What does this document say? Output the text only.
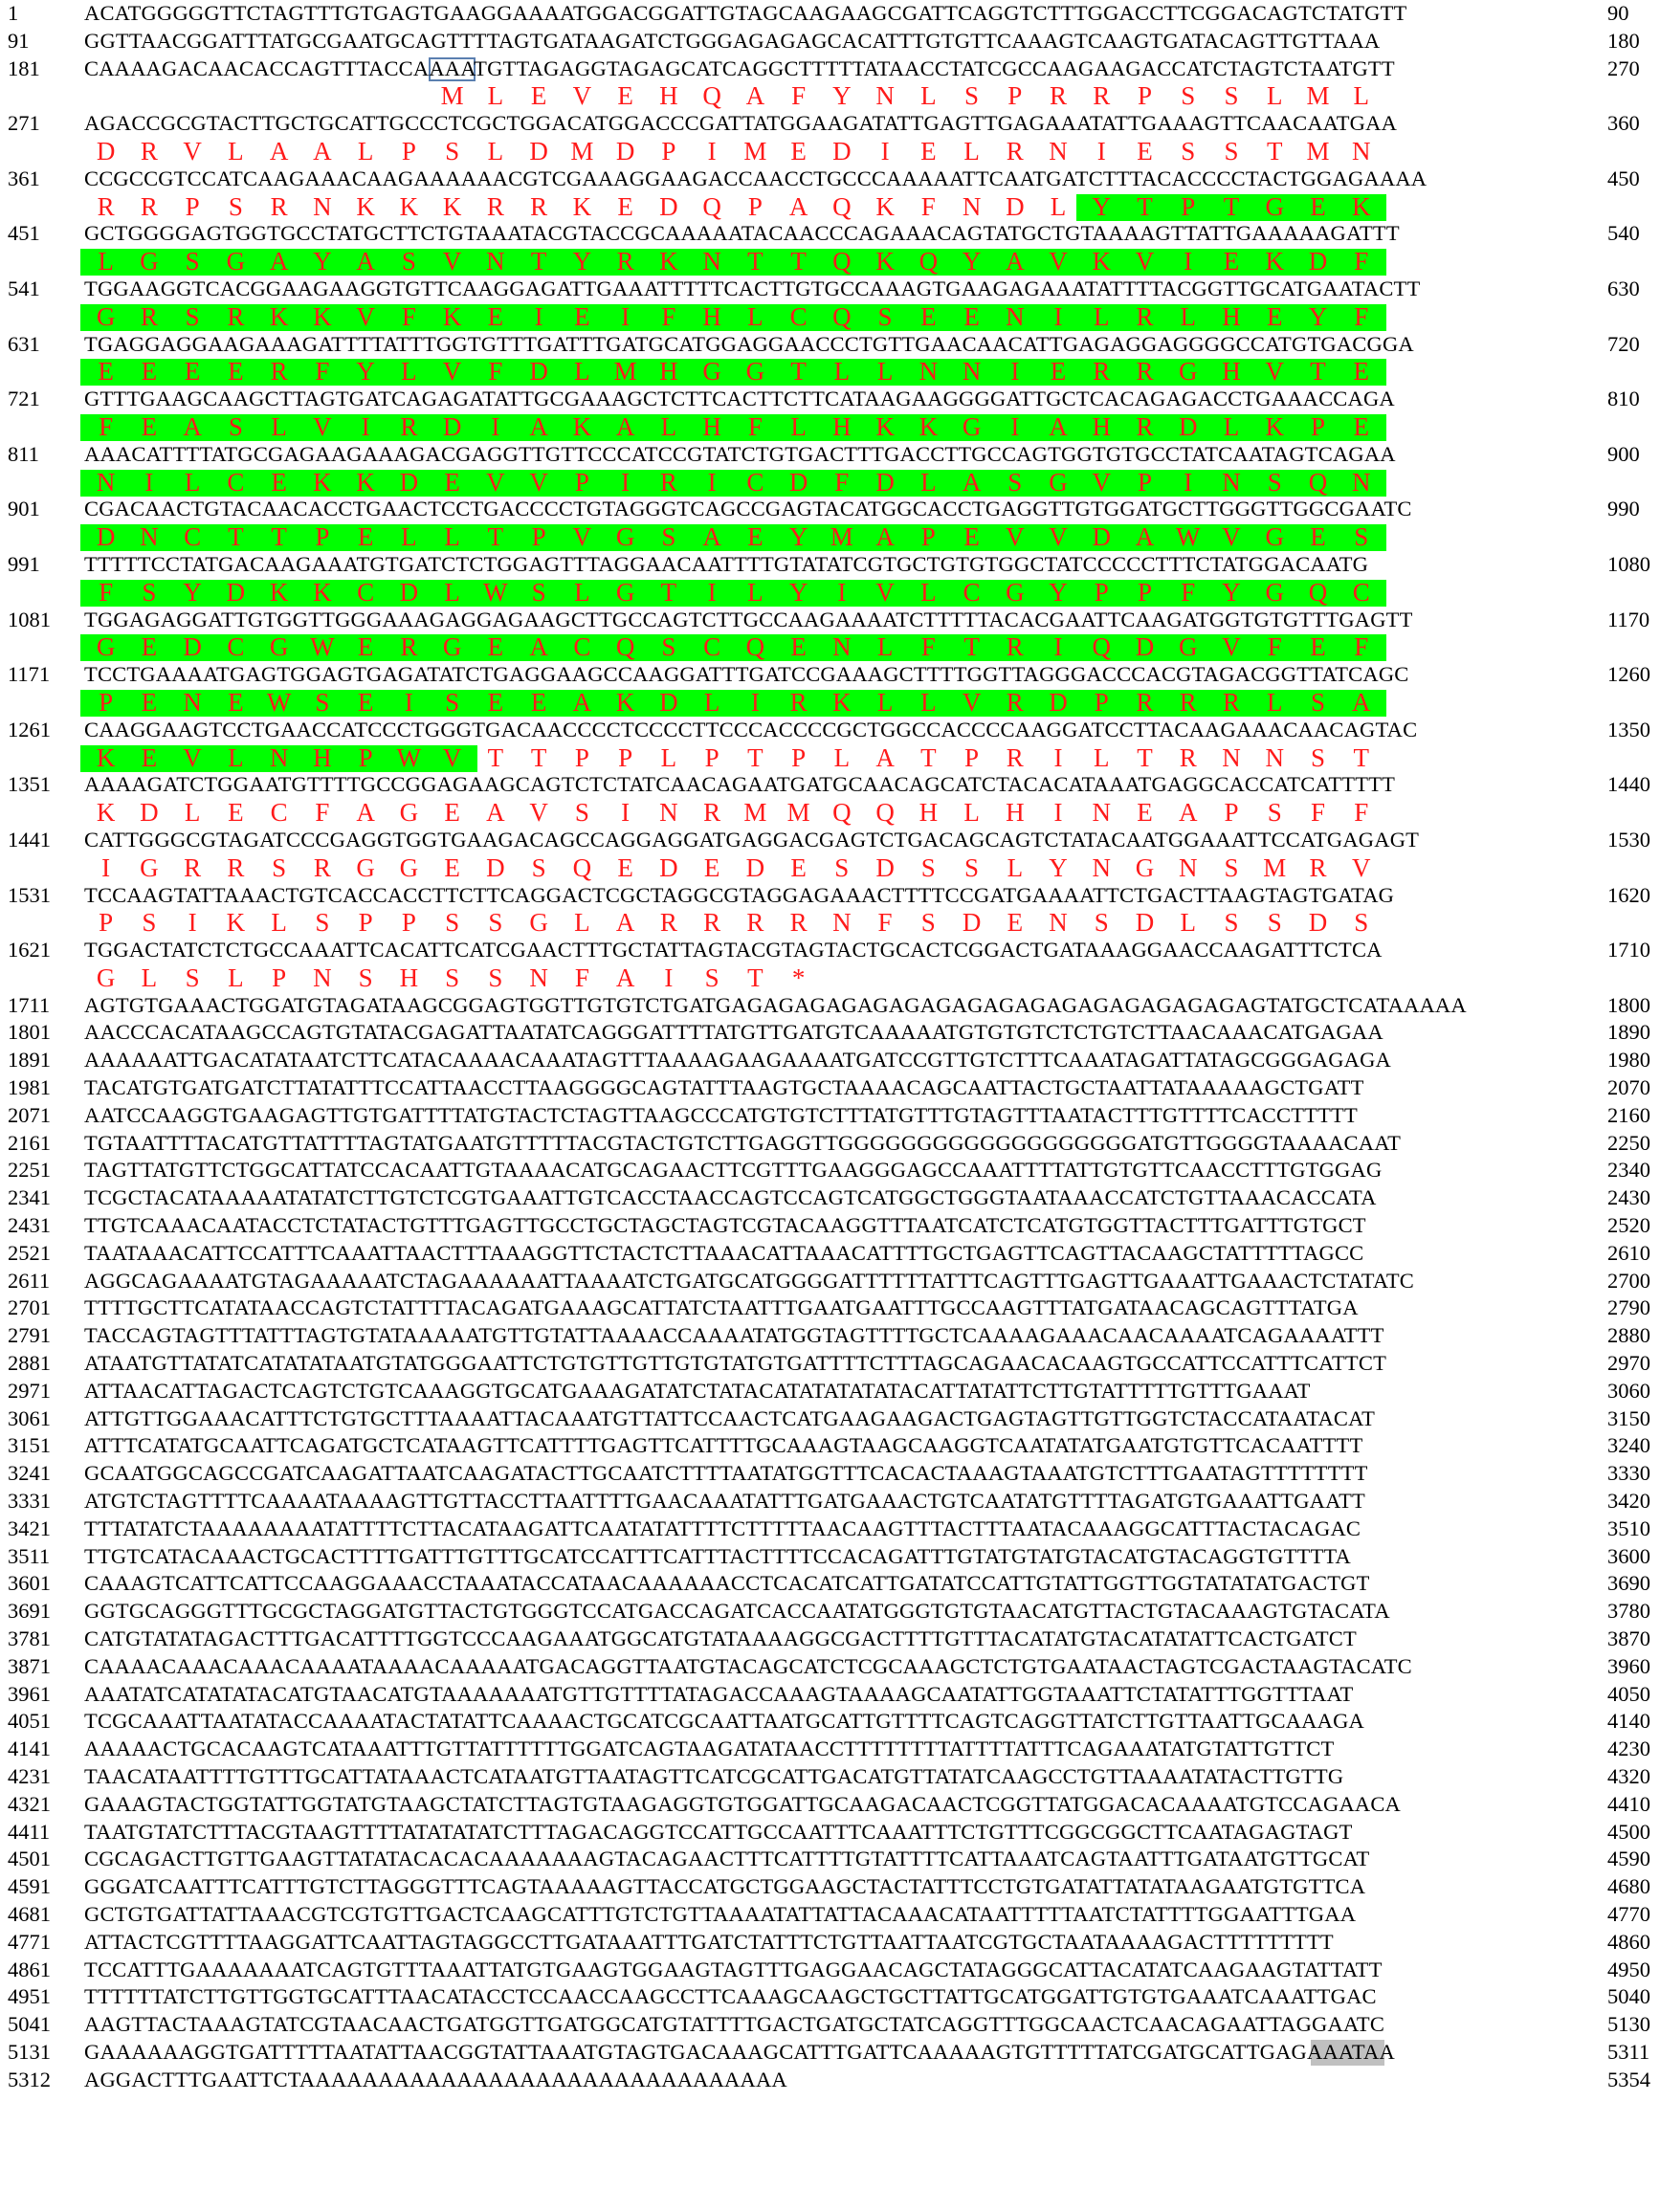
1	ACATGGGGGTTCTAGTTTGTGAGTGAAGGAAAATGGACGGATTGTAGCAAGAAGCGATTCAGGTCTTTGGACCTTCGGACAGTCTATGTT	90
91	GGTTAACGGATTTATGCGAATGCAGTTTTAGTGATAAGATCTGGGAGAGAGCACATTTGTGTTCAAAGTCAAGTGATACAGTTGTTAAA	180
181 CAAAAGACAACACCAGTTTACCAAAATGTTAGAGGTAGAGCATCAGGCTTTTTATAACCTATCGCCAAGAAGACCATCTAGTCTAATGTT	270
M L E V E H Q A F Y N L S P R R P S S L M L
271 AGACCGCGTACTTGCTGCATTGCCCTCGCTGGACATGGACCCGATTATGGAAGATATTGAGTTGAGAAATATTGAAAGTTCAACAATGAA	360
D R V L A A L P S L D M D P I M E D I E L R N I E S S T M N
361 CCGCCGTCCATCAAGAAACAAGAAAAAACGTCGAAAGGAAGACCAACCTGCCCAAAAATTCAATGATCTTTACACCCCTACTGGAGAAAA	450
R R P S R N K K K R R K E D Q P A Q K F N D L Y T P T G E K
451 GCTGGGGAGTGGTGCCTATGCTTCTGTAAATACGTACCGCAAAAATACAACCCAGAAACAGTATGCTGTAAAAGTTATTGAAAAAGATTT	540
L G S G A Y A S V N T Y R K N T T Q K Q Y A V K V I E K D F
541 TGGAAGGTCACGGAAGAAGGTGTTCAAGGAGATTGAAATTTTTCACTTGTGCCAAAGTGAAGAGAAATATTTTACGGTTGCATGAATACTT	630
G R S R K K V F K E I E I F H L C Q S E E N I L R L H E Y F
631 TGAGGAGGAAGAAAGATTTTATTTGGTGTTTGATTTGATGCATGGAGGAACCCTGTTGAACAACATTGAGAGGAGGGGCCATGTGACGGA	720
E E E E R F Y L V F D L M H G G T L L N N I E R R G H V T E
721 GTTTGAAGCAAGCTTAGTGATCAGAGATATTGCGAAAGCTCTTCACTTCTTCATAAGAAGGGGATTGCTCACAGAGACCTGAAACCAGA	810
F E A S L V I R D I A K A L H F L H K K G I A H R D L K P E
811 AAACATTTTATGCGAGAAGAAAGACGAGGTTGTTCCCATCCGTATCTGTGACTTTGACCTTGCCAGTGGTGTGCCTATCAATAGTCAGAA	900
N I L C E K K D E V V P I R I C D F D L A S G V P I N S Q N
901 CGACAACTGTACAACACCTGAACTCCTGACCCCTGTAGGGTCAGCCGAGTACATGGCACCTGAGGTTGTGGATGCTTGGGTTGGCGAATC	990
D N C T T P E L L T P V G S A E Y M A P E V V D A W V G E S
991 TTTTTCCTATGACAAGAAATGTGATCTCTGGAGTTTAGGAACAATTTTGTATATCGTGCTGTGTGGCTATCCCCCTTTCTATGGACAATG	1080
F S Y D K K C D L W S L G T I L Y I V L C G Y P P F Y G Q C
1081 TGGAGAGGATTGTGGTTGGGAAAGAGGAGAAGCTTGCCAGTCTTGCCAAGAAAATCTTTTTACACGAATTCAAGATGGTGTGTTTGAGTT	1170
G E D C G W E R G E A C Q S C Q E N L F T R I Q D G V F E F
1171 TCCTGAAAATGAGTGGAGTGAGATATCTGAGGAAGCCAAGGATTTGATCCGAAAGCTTTTGGTTAGGGACCCACGTAGACGGTTATCAGC	1260
P E N E W S E I S E E A K D L I R K L L V R D P R R R L S A
1261 CAAGGAAGTCCTGAACCATCCCTGGGTGACAACCCCTCCCCTTCCCACCCCGCTGGCCACCCCAAGGATCCTTACAAGAAACAACAGTAC	1350
K E V L N H P W V T T P P L P T P L A T P R I L T R N N S T
1351 AAAAGATCTGGAATGTTTTGCCGGAGAAGCAGTCTCTATCAACAGAATGATGCAACAGCATCTACACATAAATGAGGCACCATCATTTTT	1440
K D L E C F A G E A V S I N R M M Q Q H L H I N E A P S F F
1441 CATTGGGCGTAGATCCCGAGGTGGTGAAGACAGCCAGGAGGATGAGGACGAGTCTGACAGCAGTCTATACAATGGAAATTCCATGAGAGT	1530
I G R R S R G G E D S Q E D E D E S D S S L Y N G N S M R V
1531 TCCAAGTATTAAACTGTCACCACCTTCTTCAGGACTCGCTAGGCGTAGGAGAAACTTTTCCGATGAAAATTCTGACTTAAGTAGTGATAG	1620
P S I K L S P P S S G L A R R R R N F S D E N S D L S S D S
1621 TGGACTATCTCTGCCAAATTCACATTCATCGAACTTTGCTATTAGTACGTAGTACTGCACTCGGACTGATAAAGGAACCAAGATTTCTCA	1710
G L S L P N S H S S N F A I S T *
1711 AGTGTGAAACTGGATGTAGATAAGCGGAGTGGTTGTGTCTGATGAGAGAGAGAGAGAGAGAGAGAGAGAGAGAGAGAGTATGCTCATAAAAA	1800
1801 AACCCACATAAGCCAGTGTATACGAGATTAATATCAGGGATTTTATGTTGATGTCAAAAATGTGTGTCTCTGTCTTAACAAACATGAGAA	1890
1891 AAAAAATTGACATATAATCTTCATACAAAACAAATAGTTTAAAAGAAGAAAATGATCCGTTGTCTTTCAAATAGATTATAGCGGGAGAGA	1980
1981 TACATGTGATGATCTTATATTTCCATTAACCTTAAGGGGCAGTATTTAAGTGCTAAAACAGCAATTACTGCTAATTATAAAAAGCTGATT	2070
2071 AATCCAAGGTGAAGAGTTGTGATTTTATGTACTCTAGTTAAGCCCATGTGTCTTTATGTTTGTAGTTTAATACTTTGTTTTCACCTTTTT	2160
2161 TGTAATTTTACATGTTATTTTAGTATGAATGTTTTTACGTACTGTCTTGAGGTTGGGGGGGGGGGGGGGGGGGATGTTGGGGTAAAACAAT	2250
2251 TAGTTATGTTCTGGCATTATCCACAATTGTAAAACATGCAGAACTTCGTTTGAAGGGAGCCAAATTTTATTGTGTTCAACCTTTGTGGAG	2340
2341 TCGCTACATAAAAATATATCTTGTCTCGTGAAATTGTCACCTAACCAGTCCAGTCATGGCTGGGTAATAAACCATCTGTTAAACACCATA	2430
2431 TTGTCAAACAATACCTCTATACTGTTTGAGTTGCCTGCTAGCTAGTCGTACAAGGTTTAATCATCTCATGTGGTTACTTTGATTTGTGCT	2520
2521 TAATAAACATTCCATTTCAAATTAACTTTAAAGGTTCTACTCTTAAACATTAAACATTTTGCTGAGTTCAGTTACAAGCTATTTTTAGCC	2610
2611 AGGCAGAAAATGTAGAAAAATCTAGAAAAAATTAAAATCTGATGCATGGGGATTTTTTATTTCAGTTTGAGTTGAAATTGAAACTCTATATC	2700
2701 TTTTGCTTCATATAACCAGTCTATTTTACAGATGAAAGCATTATCTAATTTGAATGAATTTGCCAAGTTTATGATAACAGCAGTTTATGA	2790
2791 TACCAGTAGTTTATTTAGTGTATAAAAATGTTGTATTAAAACCAAAATATGGTAGTTTTGCTCAAAAGAAACAACAAAATCAGAAAATTT	2880
2881 ATAATGTTATATCATATATAATGTATGGGAATTCTGTGTTGTTGTGTATGTGATTTTCTTTAGCAGAACACAAGTGCCATTCCATTTCATTCT	2970
2971 ATTAACATTAGACTCAGTCTGTCAAAGGTGCATGAAAGATATCTATACATATATATATACATTATATTCTTGTATTTTTGTTTGAAAT	3060
3061 ATTGTTGGAAACATTTCTGTGCTTTAAAATTACAAATGTTATTCCAACTCATGAAGAAGACTGAGTAGTTGTTGGTCTACCATAATACAT	3150
3151 ATTTCATATGCAATTCAGATGCTCATAAGTTCATTTTGAGTTCATTTTGCAAAGTAAGCAAGGTCAATATATGAATGTGTTCACAATTTT	3240
3241 GCAATGGCAGCCGATCAAGATTAATCAAGATACTTGCAATCTTTTAATATGGTTTCACACTAAAGTAAATGTCTTTGAATAGTTTTTTTT	3330
3331 ATGTCTAGTTTTCAAAATAAAAGTTGTTACCTTAATTTTGAACAAATATTTGATGAAACTGTCAATATGTTTTAGATGTGAAATTGAATT	3420
3421 TTTATATCTAAAAAAAATATTTTCTTACATAAGATTCAATATATTTTCTTTTTAACAAGTTTACTTTAATACAAAGGCATTTACTACAGAC	3510
3511 TTGTCATACAAACTGCACTTTTGATTTGTTTGCATCCATTTCATTTACTTTTCCACAGATTTGTATGTATGTACATGTACAGGTGTTTTA	3600
3601 CAAAGTCATTCATTCCAAGGAAACCTAAATACCATAACAAAAAACCTCACATCATTGATATCCATTGTATTGGTTGGTATATATGACTGT	3690
3691 GGTGCAGGGTTTGCGCTAGGATGTTACTGTGGGTCCATGACCAGATCACCAATATGGGTGTGTAACATGTTACTGTACAAAGTGTACATA	3780
3781 CATGTATATAGACTTTGACATTTTGGTCCCAAGAAATGGCATGTATAAAAGGCGACTTTTGTTTACATATGTACATATATTCACTGATCT	3870
3871 CAAAACAAACAAACAAAATAAAACAAAAATGACAGGTTAATGTACAGCATCTCGCAAAGCTCTGTGAATAACTAGTCGACTAAGTACATC	3960
3961 AAATATCATATATACATGTAACATGTAAAAAAATGTTGTTTTATAGACCAAAGTAAAAGCAATATTGGTAAATTCTATATTTGGTTTAAT	4050
4051 TCGCAAATTAATATACCAAAATACTATATTCAAAACTGCATCGCAATTAATGCATTGTTTTCAGTCAGGTTATCTTGTTAATTGCAAAGA	4140
4141 AAAAACTGCACAAGTCATAAATTTGTTATTTTTTGGATCAGTAAGATATAACCTTTTTTTTATTTTATTTCAGAAATATGTATTGTTCT	4230
4231 TAACATAATTTTGTTTGCATTATAAACTCATAATGTTAATAGTTCATCGCATTGACATGTTATATCAAGCCTGTTAAAATATACTTGTTG	4320
4321 GAAAGTACTGGTATTGGTATGTAAGCTATCTTAGTGTAAGAGGTGTGGATTGCAAGACAACTCGGTTATGGACACAAAATGTCCAGAACA	4410
4411 TAATGTATCTTTACGTAAGTTTTATATATATCTTTAGACAGGTCCATTGCCAATTTCAAATTTCTGTTTCGGCGGCTTCAATAGAGTAGT	4500
4501 CGCAGACTTGTTGAAGTTATATACACACAAAAAAAGTACAGAACTTTCATTTTGTATTTTCATTAAATCAGTAATTTGATAATGTTGCAT	4590
4591 GGGATCAATTTCATTTGTCTTAGGGTTTCAGTAAAAAGTTACCATGCTGGAAGCTACTATTTCCTGTGATATTATATAAGAATGTGTTCA	4680
4681 GCTGTGATTATTAAACGTCGTGTTGACTCAAGCATTTGTCTGTTAAAATATTATTACAAACATAATTTTTAATCTATTTTGGAATTTGAA	4770
4771 ATTACTCGTTTTAAGGATTCAATTAGTAGGCCTTGATAAATTTGATCTATTTCTGTTAATTAATCGTGCTAATAAAAGACTTTTTTTTT	4860
4861 TCCATTTGAAAAAAATCAGTGTTTAAATTATGTGAAGTGGAAGTAGTTTGAGGAACAGCTATAGGGCATTACATATCAAGAAGTATTATT	4950
4951 TTTTTTATCTTGTTGGTGCATTTAACATACCTCCAACCAAGCCTTCAAAGCAAGCTGCTTATTGCATGGATTGTGTGAAATCAAATTGAC	5040
5041 AAGTTACTAAAGTATCGTAACAACTGATGGTTGATGGCATGTATTTTGACTGATGCTATCAGGTTTGGCAACTCAACAGAATTAGGAATC	5130
5131 GAAAAAAGGTGATTTTTAATATTAACGGTATTAAATGTAGTGACAAAGCATTTGATTCAAAAAGTGTTTTTATCGATGCATTGAGAAATAA	5311
5312 AGGACTTTGAATTCTAAAAAAAAAAAAAAAAAAAAAAAAAAAAAAA	5354
